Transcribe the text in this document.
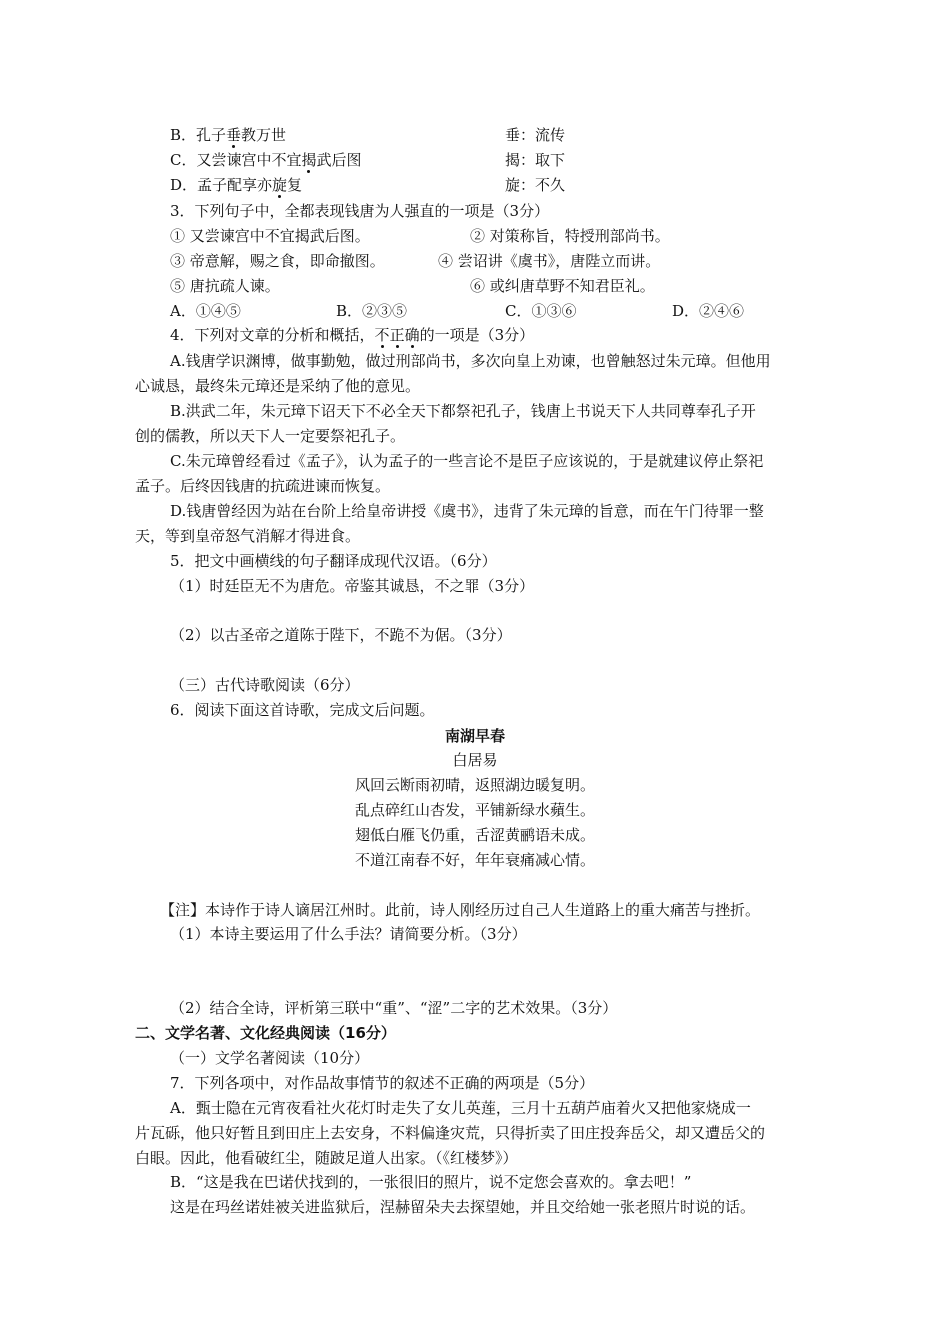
B．孔子垂教万世	垂：流传
C．又尝谏宫中不宜揭武后图	揭：取下
D．孟子配享亦旋复	旋：不久
3．下列句子中，全都表现钱唐为人强直的一项是（3分）
① 又尝谏宫中不宜揭武后图。	② 对策称旨，特授刑部尚书。
③ 帝意解，赐之食，即命撤图。	④ 尝诏讲《虞书》，唐陛立而讲。
⑤ 唐抗疏人谏。	⑥ 或纠唐草野不知君臣礼。
A．①④⑤	B．②③⑤	C．①③⑥	D．②④⑥
4．下列对文章的分析和概括，不正确的一项是（3分）
A.钱唐学识渊博，做事勤勉，做过刑部尚书，多次向皇上劝谏，也曾触怒过朱元璋。但他用
心诚恳，最终朱元璋还是采纳了他的意见。
B.洪武二年，朱元璋下诏天下不必全天下都祭祀孔子，钱唐上书说天下人共同尊奉孔子开
创的儒教，所以天下人一定要祭祀孔子。
C.朱元璋曾经看过《孟子》，认为孟子的一些言论不是臣子应该说的，于是就建议停止祭祀
孟子。后终因钱唐的抗疏进谏而恢复。
D.钱唐曾经因为站在台阶上给皇帝讲授《虞书》，违背了朱元璋的旨意，而在午门待罪一整
天，等到皇帝怒气消解才得进食。
5．把文中画横线的句子翻译成现代汉语。（6分）
（1）时廷臣无不为唐危。帝鉴其诚恳，不之罪（3分）
（2）以古圣帝之道陈于陛下，不跪不为倨。（3分）
（三）古代诗歌阅读（6分）
6．阅读下面这首诗歌，完成文后问题。
南湖早春
白居易
风回云断雨初晴，返照湖边暖复明。
乱点碎红山杏发，平铺新绿水蘋生。
翅低白雁飞仍重，舌涩黄鹂语未成。
不道江南春不好，年年衰痛减心情。
【注】本诗作于诗人谪居江州时。此前，诗人刚经历过自己人生道路上的重大痛苦与挫折。
（1）本诗主要运用了什么手法？请简要分析。（3分）
（2）结合全诗，评析第三联中“重”、“涩”二字的艺术效果。（3分）
二、文学名著、文化经典阅读（16分）
（一）文学名著阅读（10分）
7．下列各项中，对作品故事情节的叙述不正确的两项是（5分）
A．甄士隐在元宵夜看社火花灯时走失了女儿英莲，三月十五葫芦庙着火又把他家烧成一
片瓦砾，他只好暂且到田庄上去安身，不料偏逢灾荒，只得折卖了田庄投奔岳父，却又遭岳父的
白眼。因此，他看破红尘，随跛足道人出家。（《红楼梦》）
B．“这是我在巴诺伏找到的，一张很旧的照片，说不定您会喜欢的。拿去吧！”
这是在玛丝诺娃被关进监狱后，涅赫留朵夫去探望她，并且交给她一张老照片时说的话。
